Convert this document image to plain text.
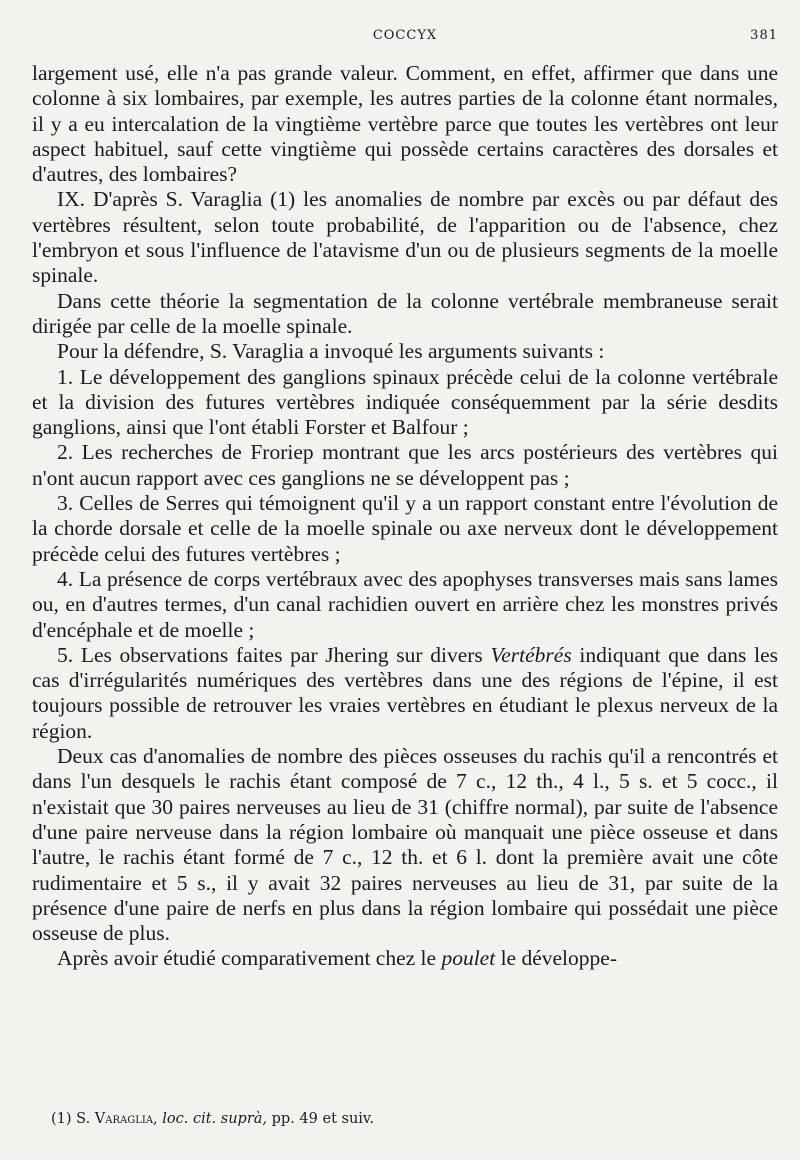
COCCYX	381

largement usé, elle n'a pas grande valeur. Comment, en effet, affirmer que dans une colonne à six lombaires, par exemple, les autres parties de la colonne étant normales, il y a eu intercalation de la vingtième vertèbre parce que toutes les vertèbres ont leur aspect habituel, sauf cette vingtième qui possède certains caractères des dorsales et d'autres, des lombaires?

IX. D'après S. Varaglia (1) les anomalies de nombre par excès ou par défaut des vertèbres résultent, selon toute probabilité, de l'apparition ou de l'absence, chez l'embryon et sous l'influence de l'atavisme d'un ou de plusieurs segments de la moelle spinale.

Dans cette théorie la segmentation de la colonne vertébrale membraneuse serait dirigée par celle de la moelle spinale.

Pour la défendre, S. Varaglia a invoqué les arguments suivants :

1. Le développement des ganglions spinaux précède celui de la colonne vertébrale et la division des futures vertèbres indiquée conséquemment par la série desdits ganglions, ainsi que l'ont établi Forster et Balfour ;

2. Les recherches de Froriep montrant que les arcs postérieurs des vertèbres qui n'ont aucun rapport avec ces ganglions ne se développent pas ;

3. Celles de Serres qui témoignent qu'il y a un rapport constant entre l'évolution de la chorde dorsale et celle de la moelle spinale ou axe nerveux dont le développement précède celui des futures vertèbres ;

4. La présence de corps vertébraux avec des apophyses transverses mais sans lames ou, en d'autres termes, d'un canal rachidien ouvert en arrière chez les monstres privés d'encéphale et de moelle ;

5. Les observations faites par Jhering sur divers Vertébrés indiquant que dans les cas d'irrégularités numériques des vertèbres dans une des régions de l'épine, il est toujours possible de retrouver les vraies vertèbres en étudiant le plexus nerveux de la région.

Deux cas d'anomalies de nombre des pièces osseuses du rachis qu'il a rencontrés et dans l'un desquels le rachis étant composé de 7 c., 12 th., 4 l., 5 s. et 5 cocc., il n'existait que 30 paires nerveuses au lieu de 31 (chiffre normal), par suite de l'absence d'une paire nerveuse dans la région lombaire où manquait une pièce osseuse et dans l'autre, le rachis étant formé de 7 c., 12 th. et 6 l. dont la première avait une côte rudimentaire et 5 s., il y avait 32 paires nerveuses au lieu de 31, par suite de la présence d'une paire de nerfs en plus dans la région lombaire qui possédait une pièce osseuse de plus.

Après avoir étudié comparativement chez le poulet le développe-

(1) S. Varaglia, loc. cit. suprà, pp. 49 et suiv.
